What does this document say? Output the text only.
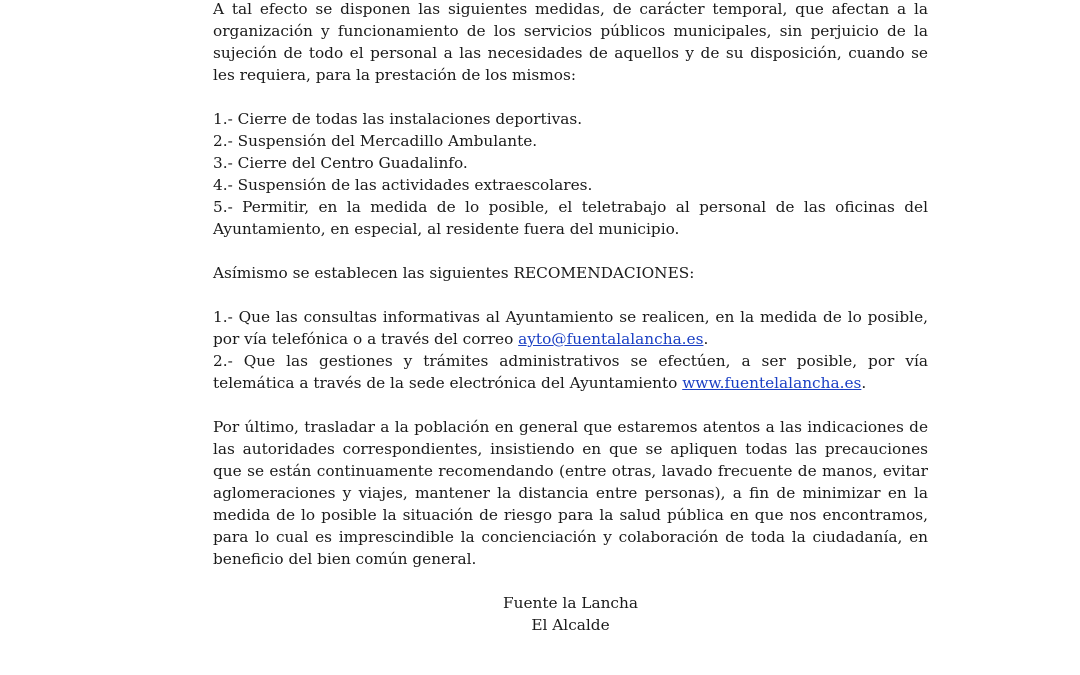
A tal efecto se disponen las siguientes medidas, de carácter temporal, que afectan a la organización y funcionamiento de los servicios públicos municipales, sin perjuicio de la sujeción de todo el personal a las necesidades de aquellos y de su disposición, cuando se les requiera, para la prestación de los mismos:

1.- Cierre de todas las instalaciones deportivas.

2.- Suspensión del Mercadillo Ambulante.

3.- Cierre del Centro Guadalinfo.

4.- Suspensión de las actividades extraescolares.

5.- Permitir, en la medida de lo posible, el teletrabajo al personal de las oficinas del Ayuntamiento, en especial, al residente fuera del municipio.

Asímismo se establecen las siguientes RECOMENDACIONES:

1.- Que las consultas informativas al Ayuntamiento se realicen, en la medida de lo posible, por vía telefónica o a través del correo ayto@fuentalalancha.es.

2.- Que las gestiones y trámites administrativos se efectúen, a ser posible, por vía telemática a través de la sede electrónica del Ayuntamiento www.fuentelalancha.es.

Por último, trasladar a la población en general que estaremos atentos a las indicaciones de las autoridades correspondientes, insistiendo en que se apliquen todas las precauciones que se están continuamente recomendando (entre otras, lavado frecuente de manos, evitar aglomeraciones y viajes, mantener la distancia entre personas), a fin de minimizar en la medida de lo posible la situación de riesgo para la salud pública en que nos encontramos, para lo cual es imprescindible la concienciación y colaboración de toda la ciudadanía, en beneficio del bien común general.

Fuente la Lancha
El Alcalde
